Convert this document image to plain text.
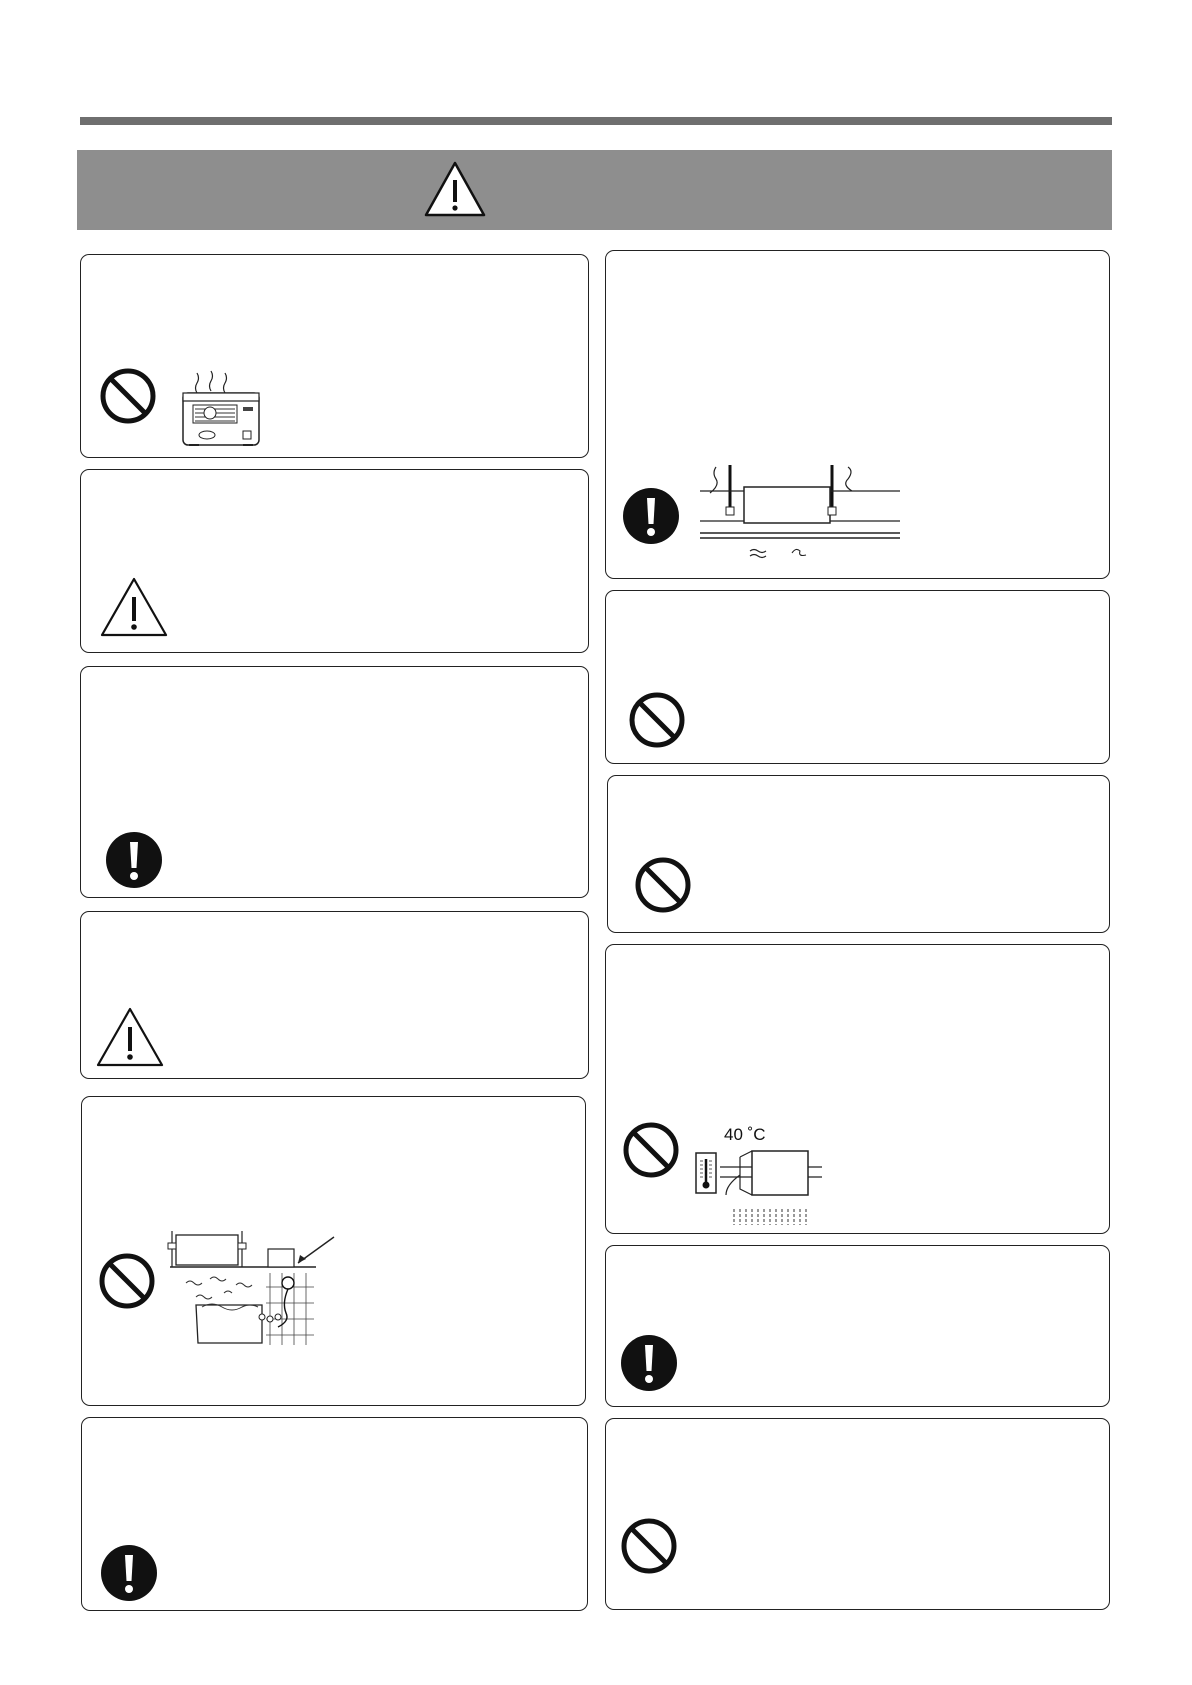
40 ˚C
